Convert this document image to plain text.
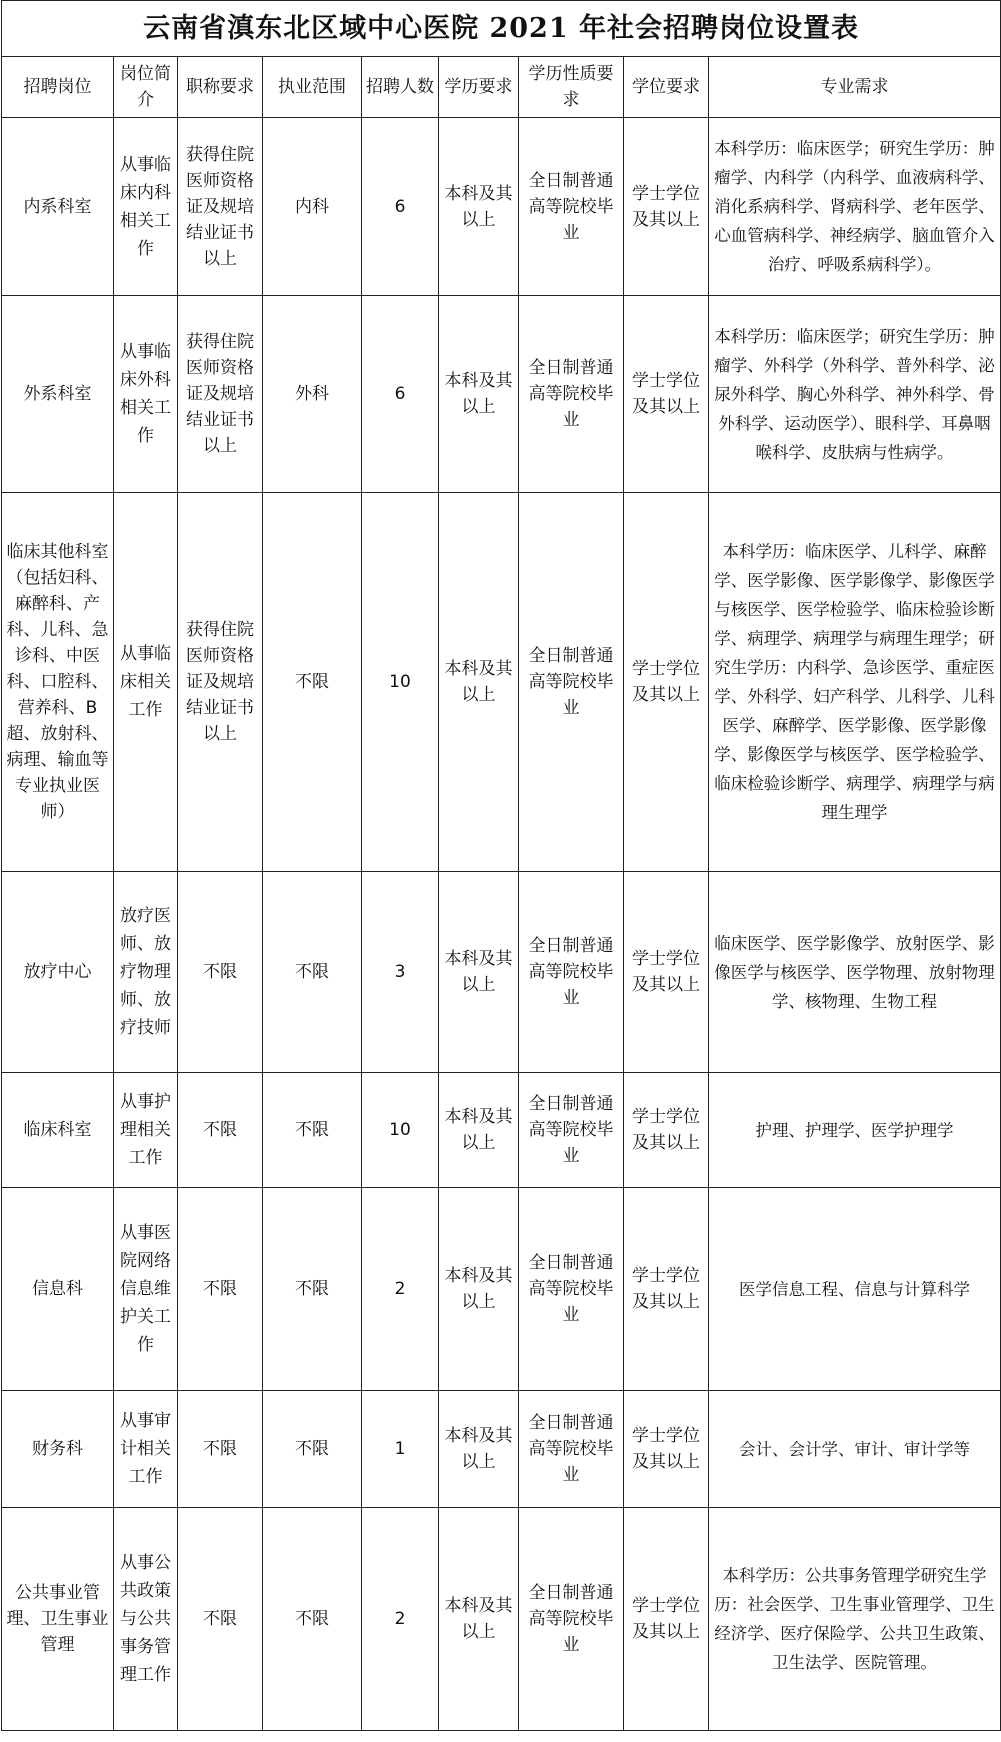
云南省滇东北区域中心医院 2021 年社会招聘岗位设置表								
招聘岗位	岗位简介	职称要求	执业范围	招聘人数	学历要求	学历性质要求	学位要求	专业需求
内系科室	从事临床内科相关工作	获得住院医师资格证及规培结业证书以上	内科	6	本科及其以上	全日制普通高等院校毕业	学士学位及其以上	本科学历：临床医学；研究生学历：肿瘤学、内科学（内科学、血液病科学、消化系病科学、肾病科学、老年医学、心血管病科学、神经病学、脑血管介入治疗、呼吸系病科学）。
外系科室	从事临床外科相关工作	获得住院医师资格证及规培结业证书以上	外科	6	本科及其以上	全日制普通高等院校毕业	学士学位及其以上	本科学历：临床医学；研究生学历：肿瘤学、外科学（外科学、普外科学、泌尿外科学、胸心外科学、神外科学、骨外科学、运动医学）、眼科学、耳鼻咽喉科学、皮肤病与性病学。
临床其他科室（包括妇科、麻醉科、产科、儿科、急诊科、中医科、口腔科、营养科、B超、放射科、病理、输血等专业执业医师）	从事临床相关工作	获得住院医师资格证及规培结业证书以上	不限	10	本科及其以上	全日制普通高等院校毕业	学士学位及其以上	本科学历：临床医学、儿科学、麻醉学、医学影像、医学影像学、影像医学与核医学、医学检验学、临床检验诊断学、病理学、病理学与病理生理学；研究生学历：内科学、急诊医学、重症医学、外科学、妇产科学、儿科学、儿科医学、麻醉学、医学影像、医学影像学、影像医学与核医学、医学检验学、临床检验诊断学、病理学、病理学与病理生理学
放疗中心	放疗医师、放疗物理师、放疗技师	不限	不限	3	本科及其以上	全日制普通高等院校毕业	学士学位及其以上	临床医学、医学影像学、放射医学、影像医学与核医学、医学物理、放射物理学、核物理、生物工程
临床科室	从事护理相关工作	不限	不限	10	本科及其以上	全日制普通高等院校毕业	学士学位及其以上	护理、护理学、医学护理学
信息科	从事医院网络信息维护关工作	不限	不限	2	本科及其以上	全日制普通高等院校毕业	学士学位及其以上	医学信息工程、信息与计算科学
财务科	从事审计相关工作	不限	不限	1	本科及其以上	全日制普通高等院校毕业	学士学位及其以上	会计、会计学、审计、审计学等
公共事业管理、卫生事业管理	从事公共政策与公共事务管理工作	不限	不限	2	本科及其以上	全日制普通高等院校毕业	学士学位及其以上	本科学历：公共事务管理学研究生学历：社会医学、卫生事业管理学、卫生经济学、医疗保险学、公共卫生政策、卫生法学、医院管理。
